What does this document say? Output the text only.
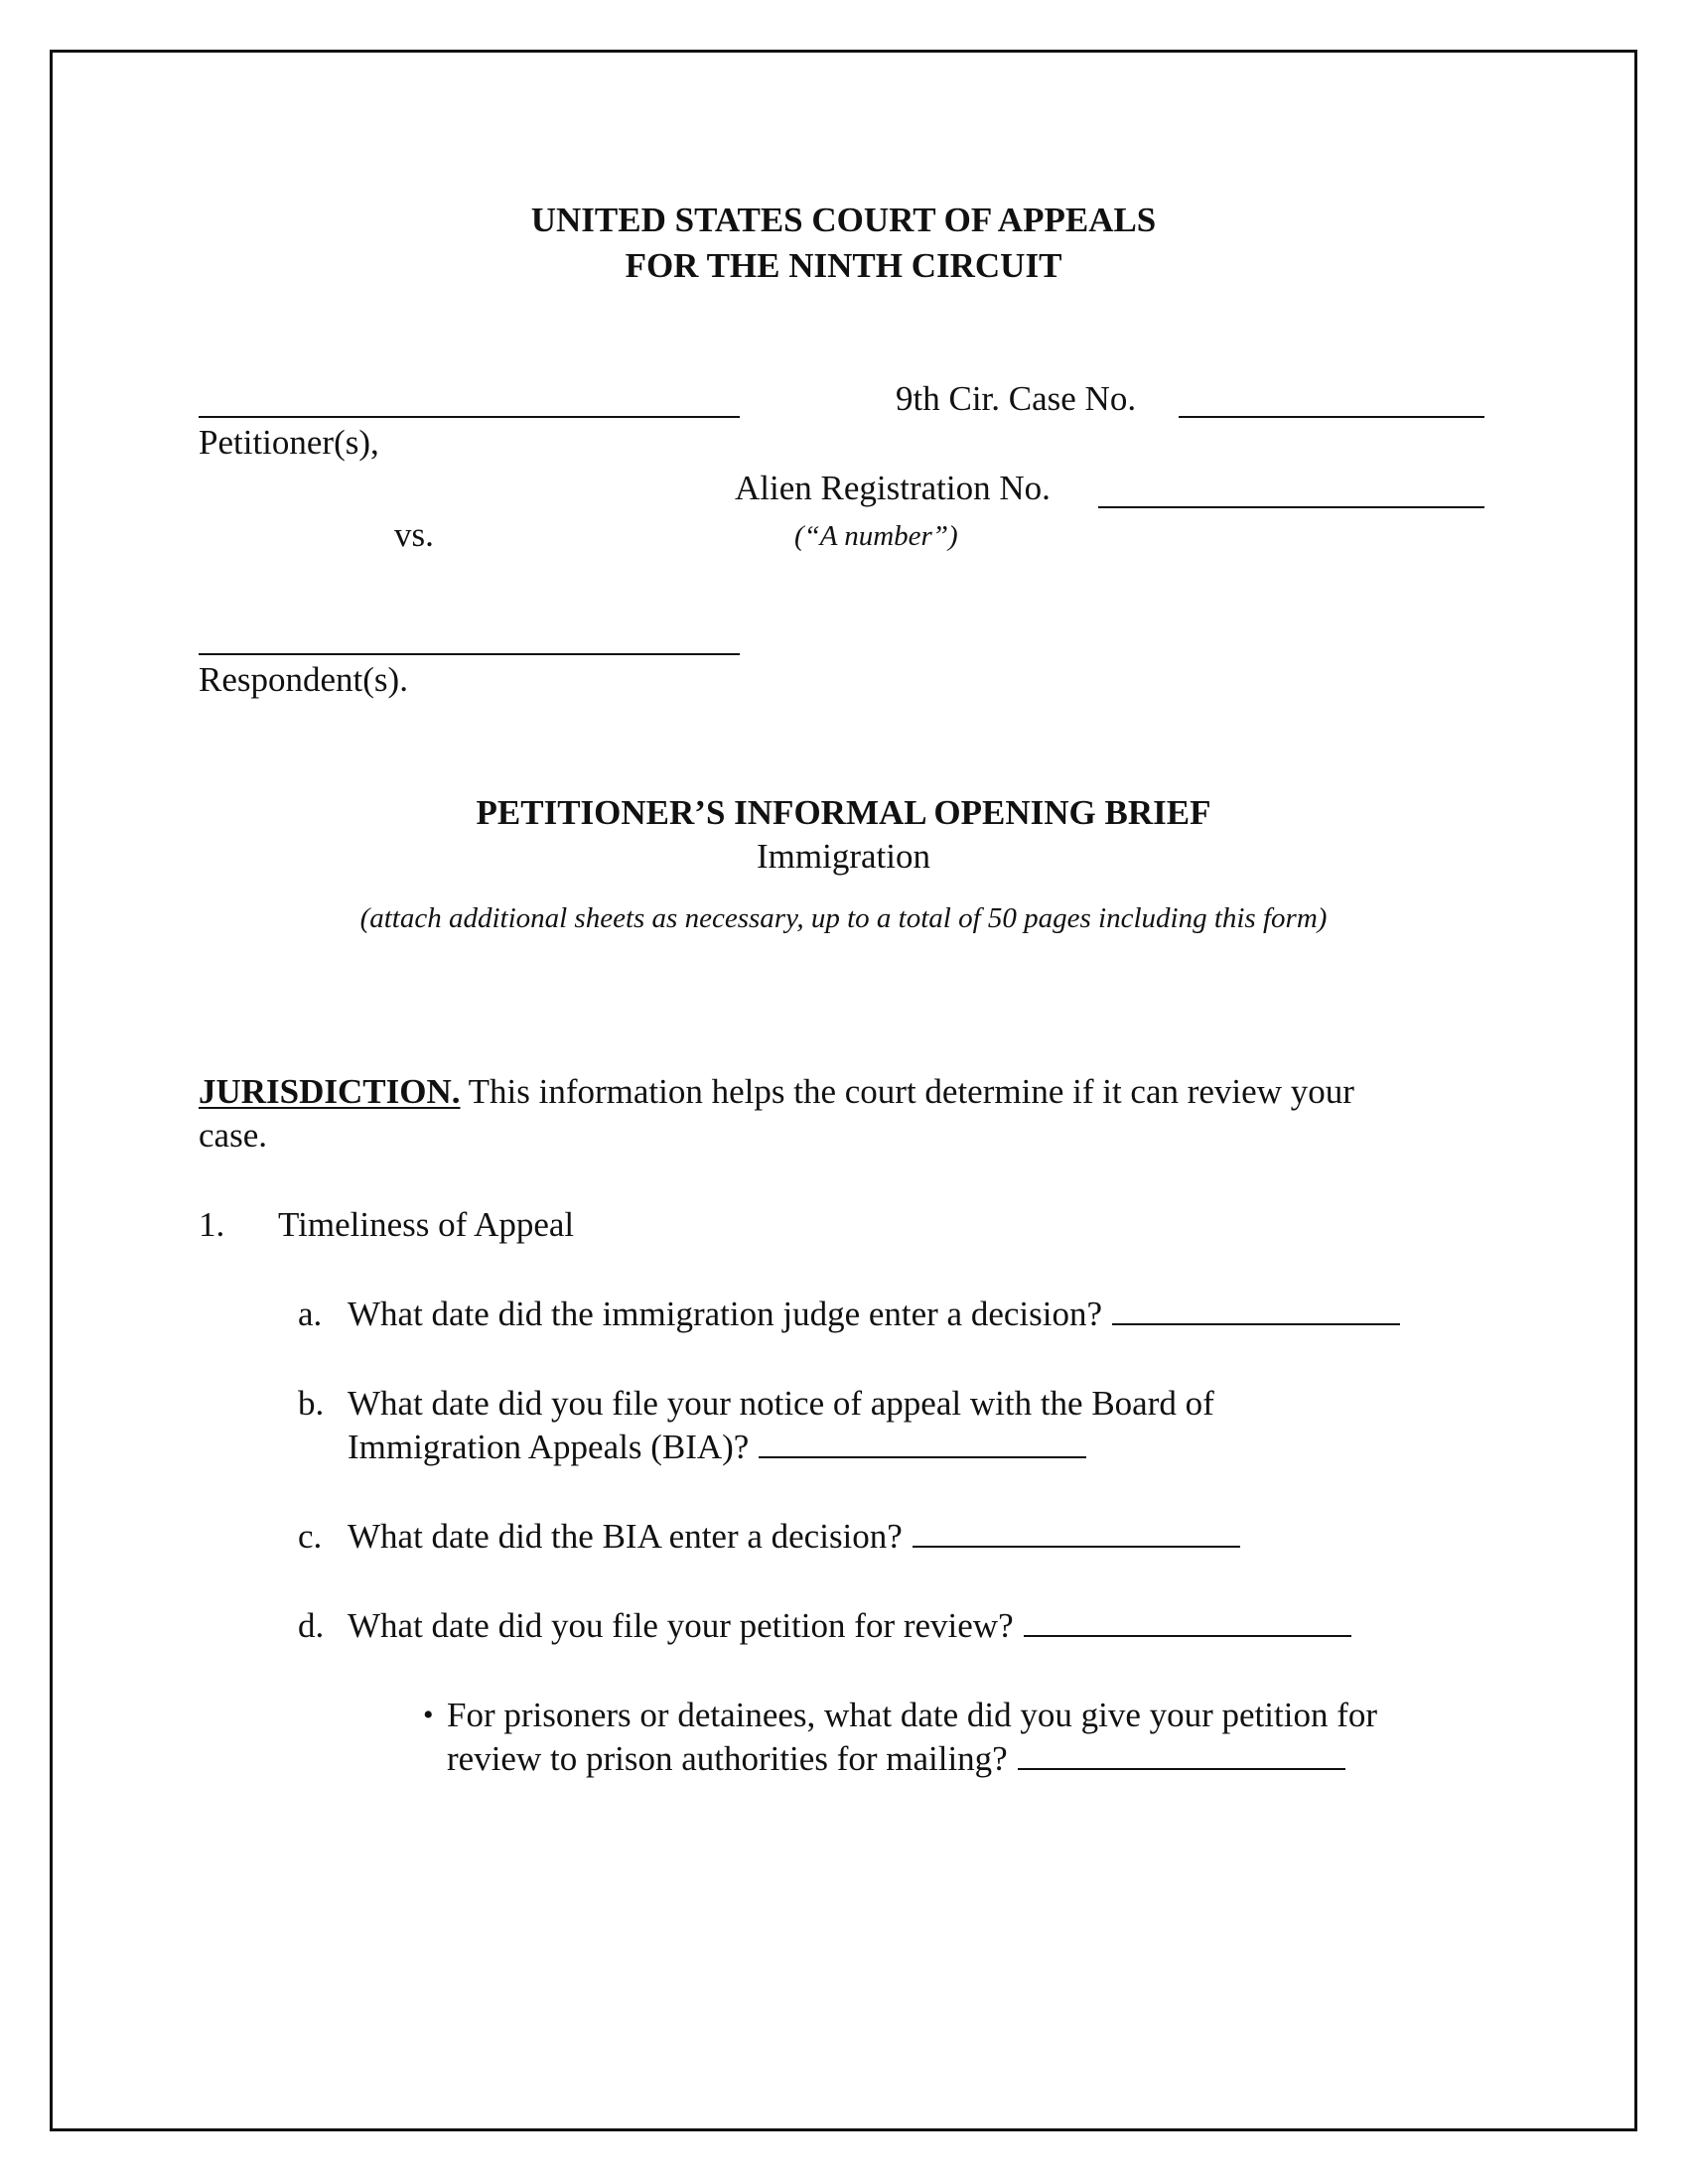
UNITED STATES COURT OF APPEALS
FOR THE NINTH CIRCUIT
9th Cir. Case No.
Petitioner(s),
Alien Registration No.
vs.	(“A number”)
Respondent(s).
PETITIONER’S INFORMAL OPENING BRIEF
Immigration
(attach additional sheets as necessary, up to a total of 50 pages including this form)
JURISDICTION. This information helps the court determine if it can review your
case.
1. Timeliness of Appeal
a. What date did the immigration judge enter a decision?
b. What date did you file your notice of appeal with the Board of
Immigration Appeals (BIA)?
c. What date did the BIA enter a decision?
d. What date did you file your petition for review?
• For prisoners or detainees, what date did you give your petition for
review to prison authorities for mailing?
